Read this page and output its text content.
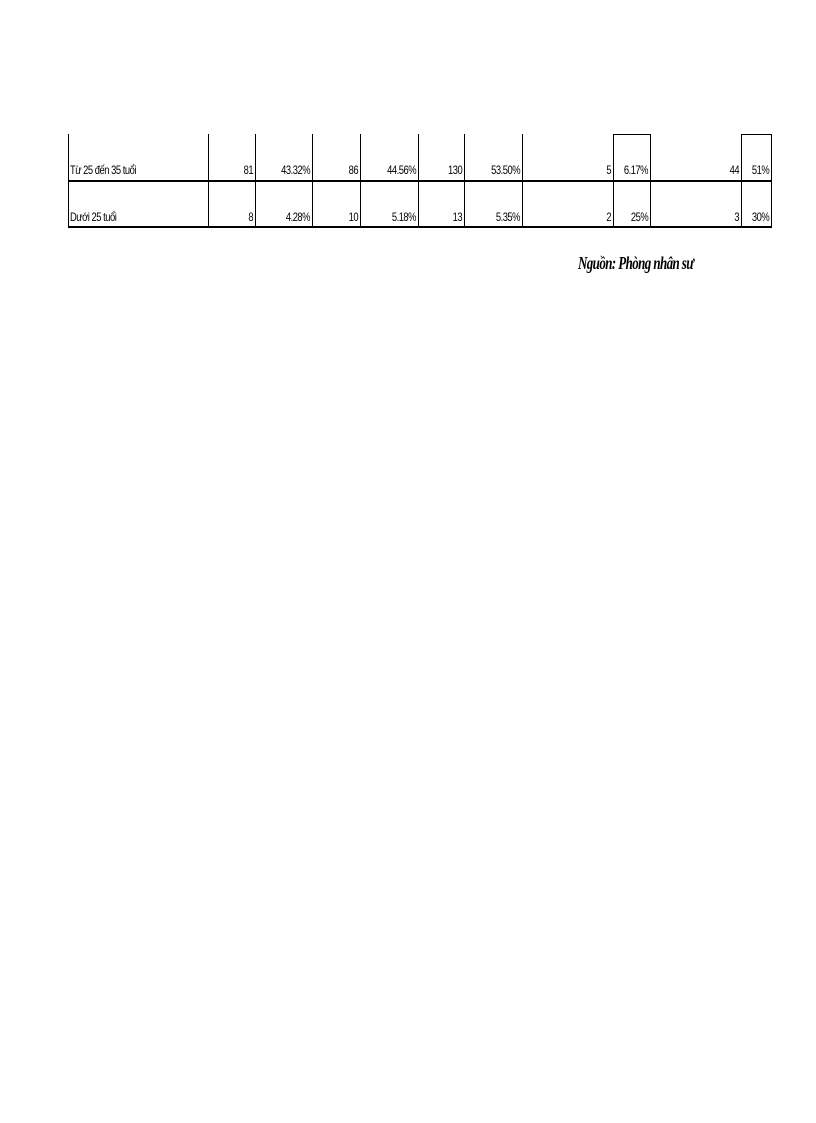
Từ 25 đến 35 tuổi	81 43.32%	86 44.56%	130 53.50%	5 6.17%	44 51%
Dưới 25 tuổi	8	4.28%	10	5.18%	13	5.35%	2 25%	3 30%
Nguồn: Phòng nhân sư
